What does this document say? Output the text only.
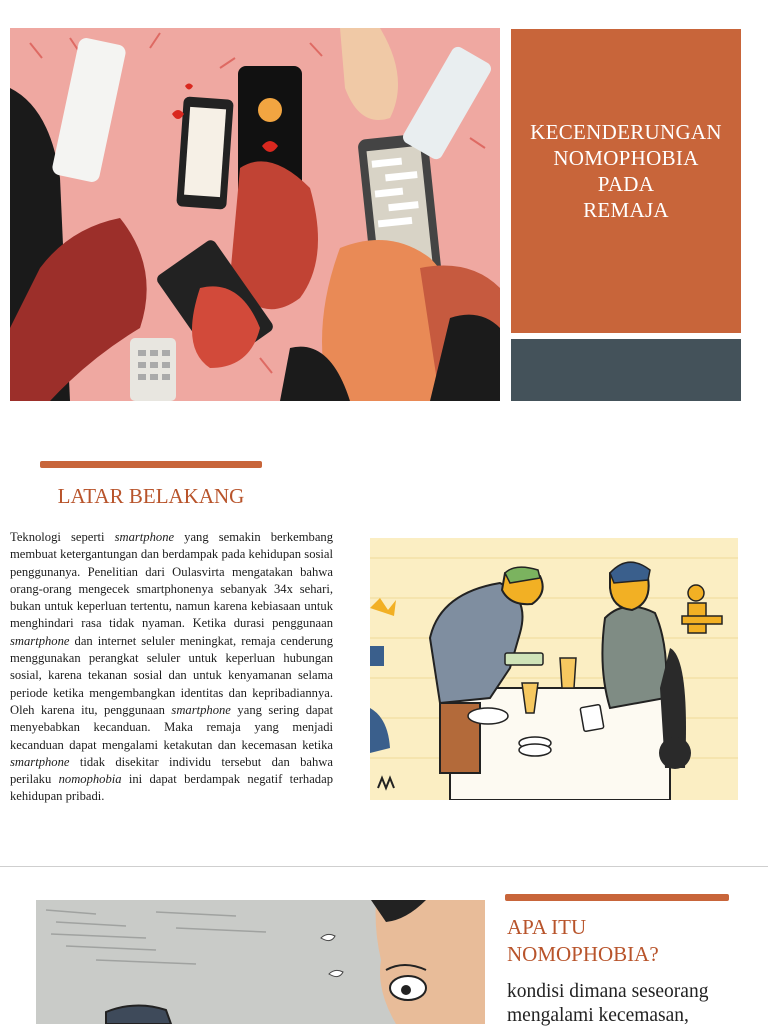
KECENDERUNGAN
NOMOPHOBIA
PADA
REMAJA
LATAR BELAKANG

Teknologi seperti smartphone yang semakin berkembang membuat ketergantungan dan berdampak pada kehidupan sosial penggunanya. Penelitian dari Oulasvirta mengatakan bahwa orang-orang mengecek smartphonenya sebanyak 34x sehari, bukan untuk keperluan tertentu, namun karena kebiasaan untuk menghindari rasa tidak nyaman. Ketika durasi penggunaan smartphone dan internet seluler meningkat, remaja cenderung menggunakan perangkat seluler untuk keperluan hubungan sosial, karena tekanan sosial dan untuk kenyamanan selama periode ketika mengembangkan identitas dan kepribadiannya. Oleh karena itu, penggunaan smartphone yang sering dapat menyebabkan kecanduan. Maka remaja yang menjadi kecanduan dapat mengalami ketakutan dan kecemasan ketika smartphone tidak disekitar individu tersebut dan bahwa perilaku nomophobia ini dapat berdampak negatif terhadap kehidupan pribadi.

APA ITU
NOMOPHOBIA?

kondisi dimana seseorang mengalami kecemasan,
